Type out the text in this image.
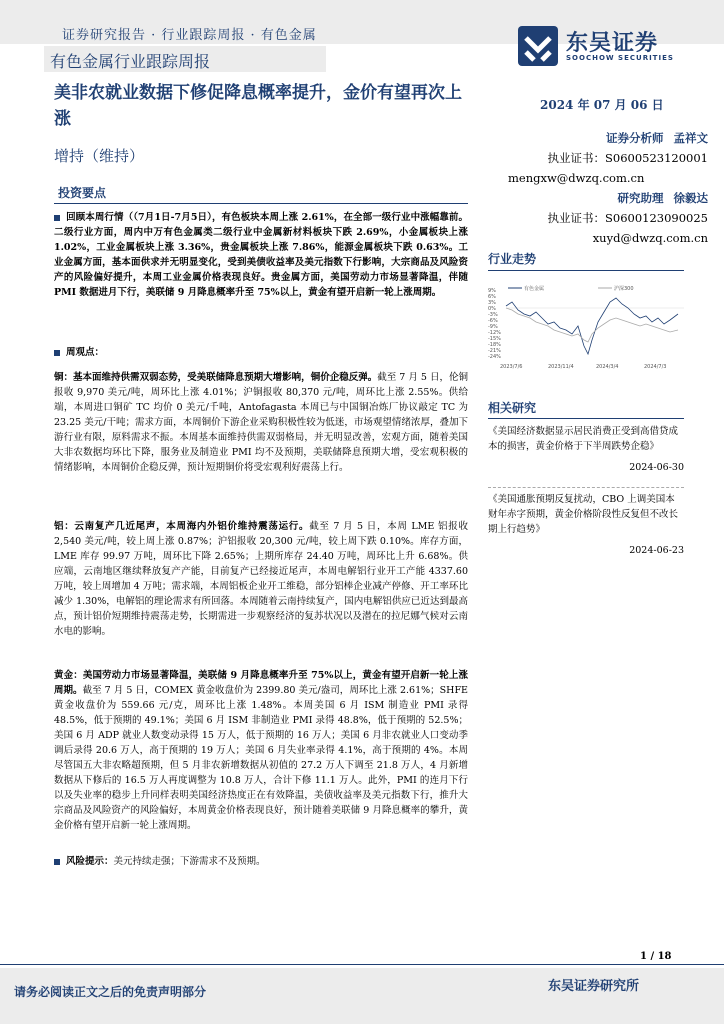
证券研究报告 · 行业跟踪周报 · 有色金属	东吴证券
SOOCHOW SECURITIES
有色金属行业跟踪周报
美非农就业数据下修促降息概率提升，金价有望再次上涨
增持（维持）
2024 年 07 月 06 日
证券分析师 孟祥文
执业证书：S0600523120001
mengxw@dwzq.com.cn
研究助理 徐毅达
执业证书：S0600123090025
xuyd@dwzq.com.cn
投资要点
回顾本周行情（（7月1日-7月5日），有色板块本周上涨 2.61%，在全部一级行业中涨幅靠前。二级行业方面，周内中万有色金属类二级行业中金属新材料板块下跌 2.69%，小金属板块上涨 1.02%，工业金属板块上涨 3.36%，贵金属板块上涨 7.86%，能源金属板块下跌 0.63%。工业金属方面，基本面供求并无明显变化，受到美债收益率及美元指数下行影响，大宗商品及风险资产的风险偏好提升，本周工业金属价格表现良好。贵金属方面，美国劳动力市场显著降温，伴随 PMI 数据进月下行，美联储 9 月降息概率升至 75%以上，黄金有望开启新一轮上涨周期。
周观点：
铜：基本面维持供需双弱态势，受美联储降息预期大增影响，铜价企稳反弹。截至 7 月 5 日，伦铜报收 9,970 美元/吨，周环比上涨 4.01%；沪铜报收 80,370 元/吨，周环比上涨 2.55%。供给端，本周进口铜矿 TC 均价 0 美元/千吨，Antofagasta 本周已与中国铜冶炼厂协议敲定 TC 为 23.25 美元/干吨；需求方面，本周铜价下游企业采购积极性较为低迷，市场观望情绪浓厚，叠加下游行业有限，原料需求不振。本周基本面维持供需双弱格局，并无明显改善，宏观方面，随着美国大非农数据均环比下降，服务业及制造业 PMI 均不及预期，美联储降息预期大增，受宏观积极的情绪影响，本周铜价企稳反弹，预计短期铜价将受宏观利好震荡上行。
铝：云南复产几近尾声，本周海内外铝价维持震荡运行。截至 7 月 5 日，本周 LME 铝报收 2,540 美元/吨，较上周上涨 0.87%；沪铝报收 20,300 元/吨，较上周下跌 0.10%。库存方面，LME 库存 99.97 万吨，周环比下降 2.65%；上期所库存 24.40 万吨，周环比上升 6.68%。供应端，云南地区继续释放复产产能，目前复产已经接近尾声，本周电解铝行业开工产能 4337.60 万吨，较上周增加 4 万吨；需求端，本周铝板企业开工维稳，部分铝棒企业减产停修、开工率环比减少 1.30%，电解铝的理论需求有所回落。本周随着云南持续复产，国内电解铝供应已近达到最高点，预计铝价短期维持震荡走势，长期需进一步观察经济的复苏状况以及潜在的拉尼娜气候对云南水电的影响。
黄金：美国劳动力市场显著降温，美联储 9 月降息概率升至 75%以上，黄金有望开启新一轮上涨周期。截至 7 月 5 日，COMEX 黄金收盘价为 2399.80 美元/盎司，周环比上涨 2.61%；SHFE 黄金收盘价为 559.66 元/克，周环比上涨 1.48%。本周美国 6 月 ISM 制造业 PMI 录得 48.5%，低于预期的 49.1%；美国 6 月 ISM 非制造业 PMI 录得 48.8%，低于预期的 52.5%；美国 6 月 ADP 就业人数变动录得 15 万人，低于预期的 16 万人；美国 6 月非农就业人口变动季调后录得 20.6 万人，高于预期的 19 万人；美国 6 月失业率录得 4.1%，高于预期的 4%。本周尽管国五大非农略超预期，但 5 月非农新增数据从初值的 27.2 万人下调至 21.8 万人，4 月新增数据从下修后的 16.5 万人再度调整为 10.8 万人，合计下修 11.1 万人。此外，PMI 的连月下行以及失业率的稳步上升同样表明美国经济热度正在有效降温，美债收益率及美元指数下行，推升大宗商品及风险资产的风险偏好，本周黄金价格表现良好，预计随着美联储 9 月降息概率的攀升，黄金价格有望开启新一轮上涨周期。
风险提示：美元持续走强；下游需求不及预期。
行业走势
9%
6%
3%
0%
-3%
-6%
-9%
-12%
-15%
-18%
-21%
-24%
2023/7/6	2023/11/4	2024/3/4	2024/7/3
有色金属	沪深300
相关研究
《美国经济数据显示居民消费正受到高借贷成本的损害，黄金价格于下半周跌势企稳》
2024-06-30
《美国通胀预期反复扰动，CBO 上调美国本财年赤字预期，黄金价格阶段性反复但不改长期上行趋势》
2024-06-23
1 / 18
请务必阅读正文之后的免责声明部分	东吴证券研究所
